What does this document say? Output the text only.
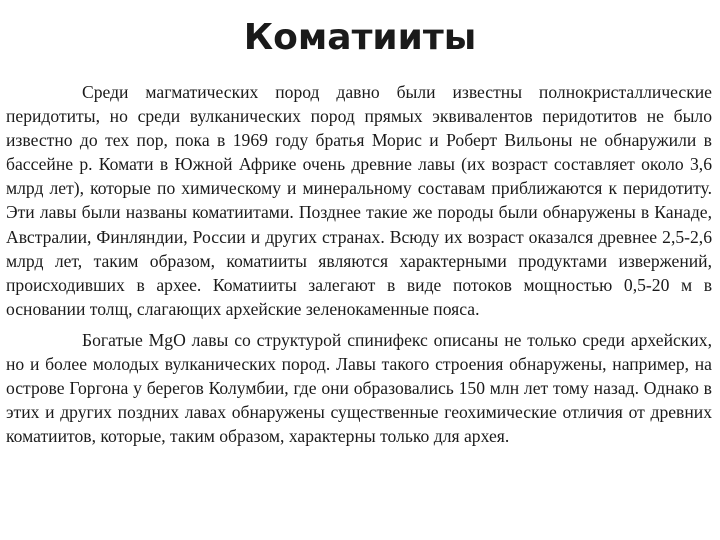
Коматииты

Среди магматических пород давно были известны полнокристаллические перидотиты, но среди вулканических пород прямых эквивалентов перидотитов не было известно до тех пор, пока в 1969 году братья Морис и Роберт Вильоны не обнаружили в бассейне р. Комати в Южной Африке очень древние лавы (их возраст составляет около 3,6 млрд лет), которые по химическому и минеральному составам приближаются к перидотиту. Эти лавы были названы коматиитами. Позднее такие же породы были обнаружены в Канаде, Австралии, Финляндии, России и других странах. Всюду их возраст оказался древнее 2,5-2,6 млрд лет, таким образом, коматииты являются характерными продуктами извержений, происходивших в архее. Коматииты залегают в виде потоков мощностью 0,5-20 м в основании толщ, слагающих архейские зеленокаменные пояса.

Богатые MgO лавы со структурой спинифекс описаны не только среди архейских, но и более молодых вулканических пород. Лавы такого строения обнаружены, например, на острове Горгона у берегов Колумбии, где они образовались 150 млн лет тому назад. Однако в этих и других поздних лавах обнаружены существенные геохимические отличия от древних коматиитов, которые, таким образом, характерны только для архея.
